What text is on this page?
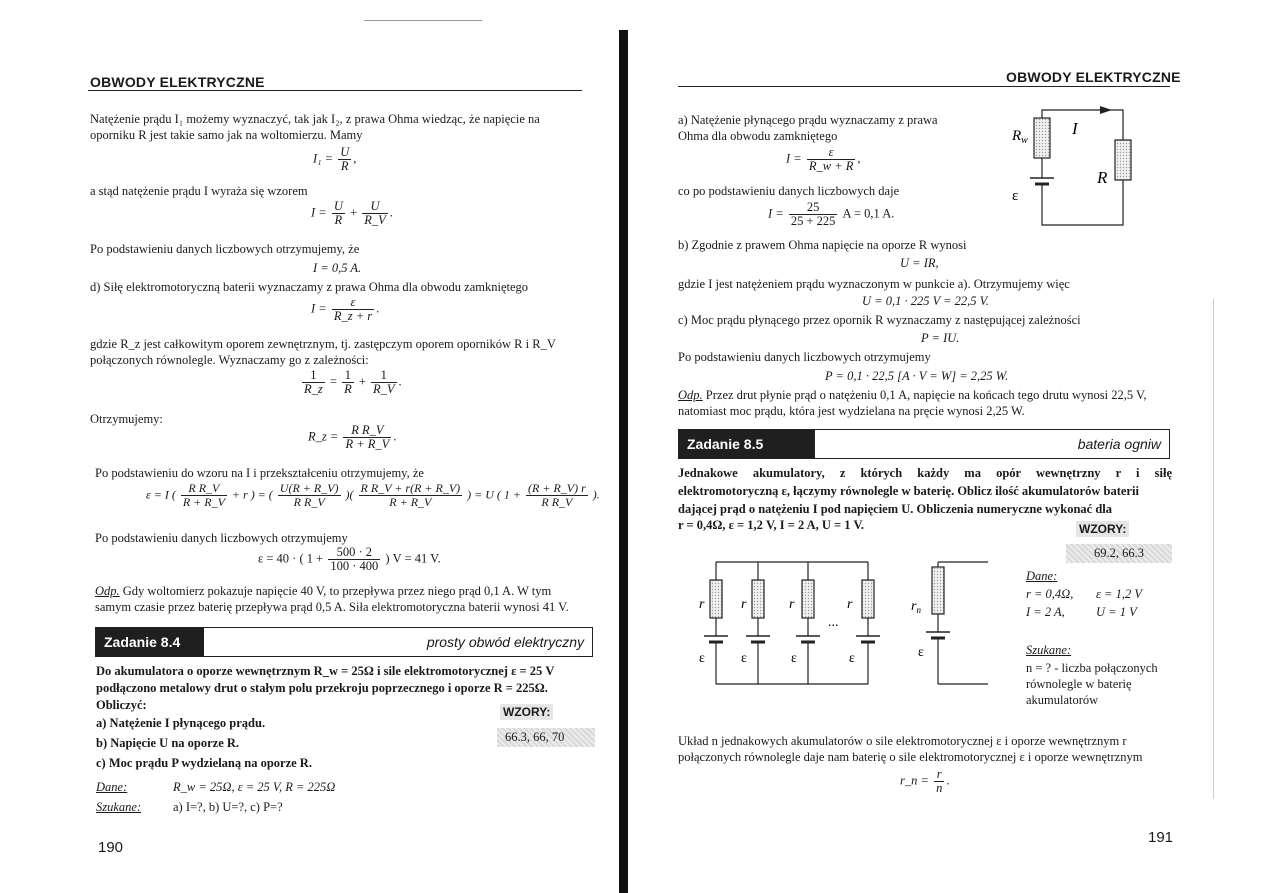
OBWODY ELEKTRYCZNE
Natężenie prądu I₁ możemy wyznaczyć, tak jak I₂, z prawa Ohma wiedząc, że napięcie na
oporniku R jest takie samo jak na woltomierzu. Mamy
$I_1 = \frac{U}{R}$ ,
a stąd natężenie prądu I wyraża się wzorem
$I = \frac{U}{R} + \frac{U}{R\_V}$ .
Po podstawieniu danych liczbowych otrzymujemy, że
I = 0,5 A.
d) Siłę elektromotoryczną baterii wyznaczamy z prawa Ohma dla obwodu zamkniętego
$I = \frac{\varepsilon}{R\_z + r}$ .
gdzie R_z jest całkowitym oporem zewnętrznym, tj. zastępczym oporem oporników R i R_V
połączonych równolegle. Wyznaczamy go z zależności:
$\frac{1}{R\_z} = \frac{1}{R} + \frac{1}{R\_V}$ .
Otrzymujemy:
R_z = $\frac{\text{R R\_V}}{R + R\_V}$ .
Po podstawieniu do wzoru na I i przekształceniu otrzymujemy, że
ε = I ( $\frac{\text{R R\_V}}{R + R\_V} + r$ ) = ( $\frac{U(R + R\_V)}{\text{R R\_V}}$ )( $\frac{\text{R R\_V + r(R + R\_V)}}{R + R\_V}$ ) = U ( $1 + \frac{(R + R\_V) r}{\text{R R\_V}}$ ).
Po podstawieniu danych liczbowych otrzymujemy
ε = 40 · ( $1 + \frac{500 \cdot 2}{100 \cdot 400}$ ) V = 41 V.
Odp. Gdy woltomierz pokazuje napięcie 40 V, to przepływa przez niego prąd 0,1 A. W tym
samym czasie przez baterię przepływa prąd 0,5 A. Siła elektromotoryczna baterii wynosi 41 V.
Zadanie 8.4	prosty obwód elektryczny
Do akumulatora o oporze wewnętrznym R_w = 25Ω i sile elektromotorycznej ε = 25 V
podłączono metalowy drut o stałym polu przekroju poprzecznego i oporze R = 225Ω.
Obliczyć:
a) Natężenie I płynącego prądu.
b) Napięcie U na oporze R.
c) Moc prądu P wydzielaną na oporze R.
WZORY:
66.3, 66, 70
Dane:	R_w = 25Ω, ε = 25 V, R = 225Ω
Szukane:	a) I=?, b) U=?, c) P=?
190
OBWODY ELEKTRYCZNE
a) Natężenie płynącego prądu wyznaczamy z prawa
Ohma dla obwodu zamkniętego
$I = \frac{\varepsilon}{R\_w + R}$ ,
co po podstawieniu danych liczbowych daje
$I = \frac{25}{25 + 225}$ A = 0,1 A.
$R_w$
I
R
ε
b) Zgodnie z prawem Ohma napięcie na oporze R wynosi
U = IR,
gdzie I jest natężeniem prądu wyznaczonym w punkcie a). Otrzymujemy więc
U = 0,1 · 225 V = 22,5 V.
c) Moc prądu płynącego przez opornik R wyznaczamy z następującej zależności
P = IU.
Po podstawieniu danych liczbowych otrzymujemy
P = 0,1 · 22,5 [A · V = W] = 2,25 W.
Odp. Przez drut płynie prąd o natężeniu 0,1 A, napięcie na końcach tego drutu wynosi 22,5 V,
natomiast moc prądu, która jest wydzielana na pręcie wynosi 2,25 W.
Zadanie 8.5	bateria ogniw
Jednakowe akumulatory, z których każdy ma opór wewnętrzny r i siłę
elektromotoryczną ε, łączymy równolegle w baterię. Oblicz ilość akumulatorów baterii
dającej prąd o natężeniu I pod napięciem U. Obliczenia numeryczne wykonać dla
r = 0,4Ω, ε = 1,2 V, I = 2 A, U = 1 V.	WZORY:
69.2, 66.3
r	r	r	r	$r_n$
...
ε	ε	ε	ε	ε
Dane:
r = 0,4Ω, ε = 1,2 V
I = 2 A, U = 1 V
Szukane:
n = ? - liczba połączonych
równolegle w baterię
akumulatorów
Układ n jednakowych akumulatorów o sile elektromotorycznej ε i oporze wewnętrznym r
połączonych równolegle daje nam baterię o sile elektromotorycznej ε i oporze wewnętrznym
r_n = $\frac{r}{n}$ .
191
